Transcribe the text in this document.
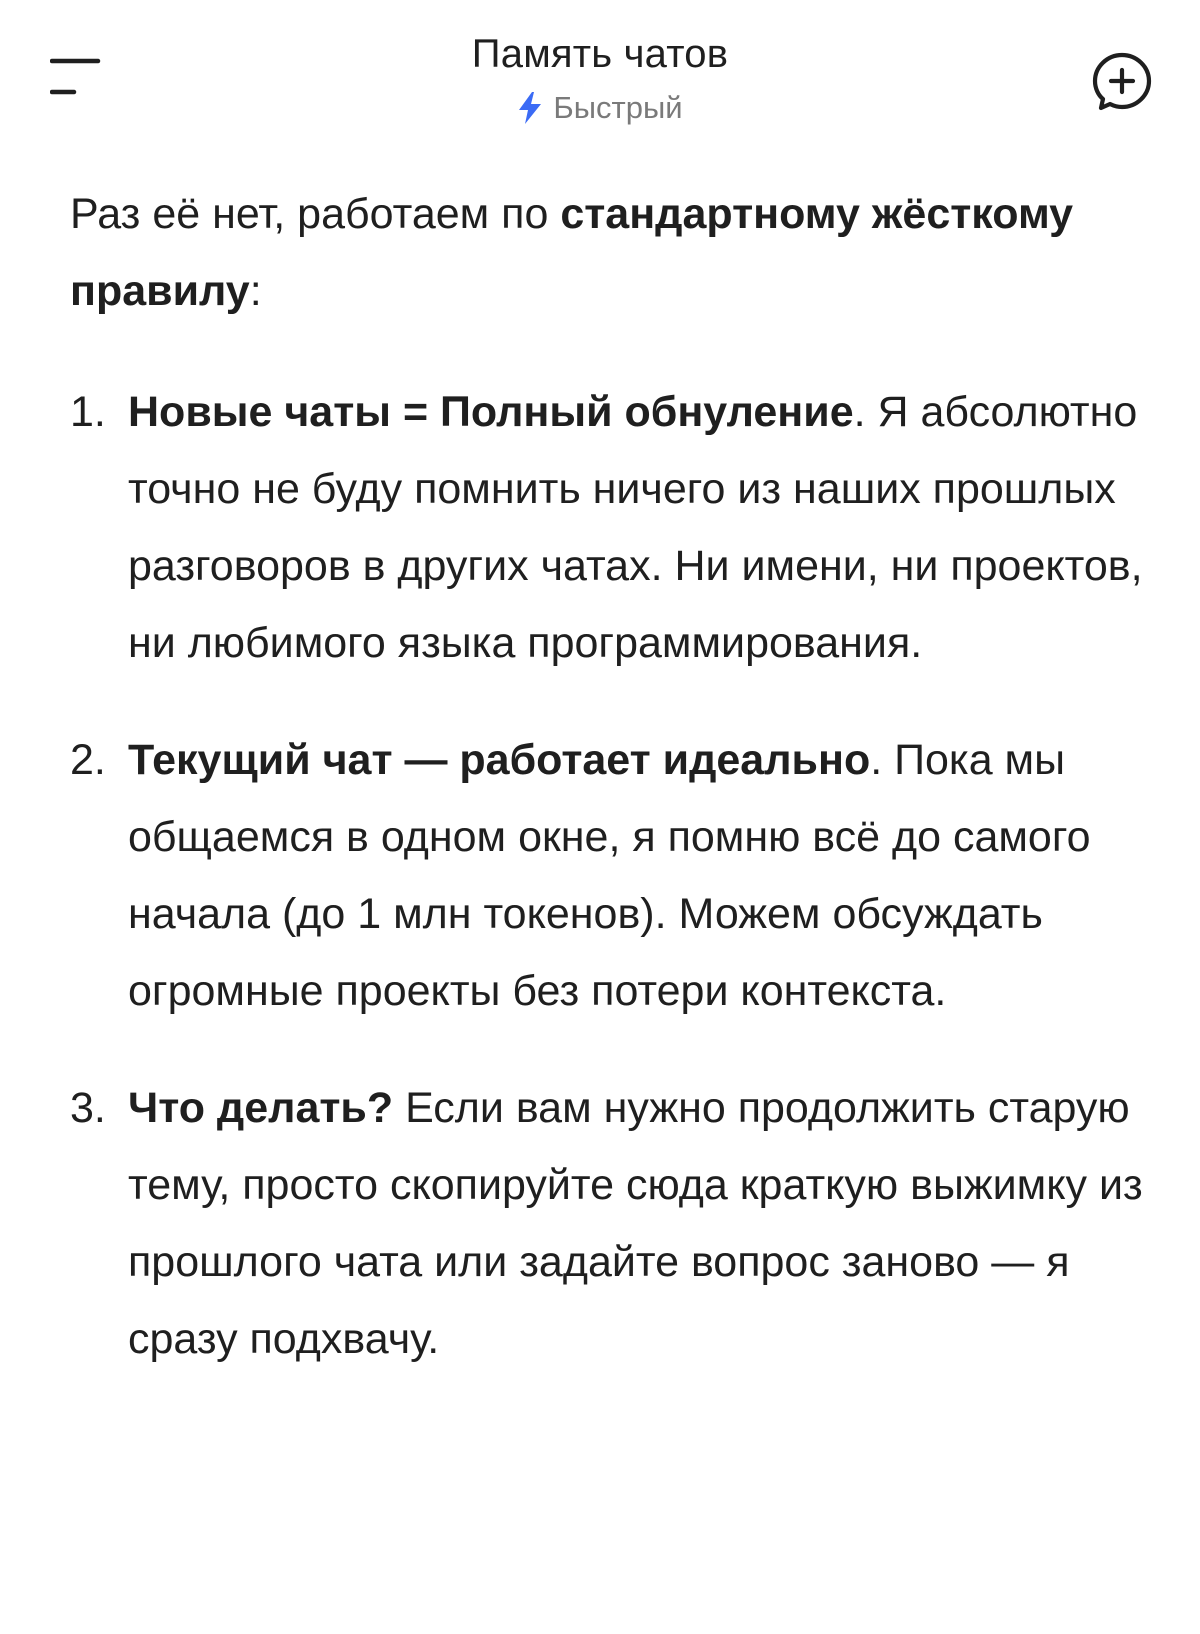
Память чатов
Быстрый

Раз её нет, работаем по стандартному жёсткому правилу:

1. Новые чаты = Полный обнуление. Я абсолютно точно не буду помнить ничего из наших прошлых разговоров в других чатах. Ни имени, ни проектов, ни любимого языка программирования.
2. Текущий чат — работает идеально. Пока мы общаемся в одном окне, я помню всё до самого начала (до 1 млн токенов). Можем обсуждать огромные проекты без потери контекста.
3. Что делать? Если вам нужно продолжить старую тему, просто скопируйте сюда краткую выжимку из прошлого чата или задайте вопрос заново — я сразу подхвачу.
